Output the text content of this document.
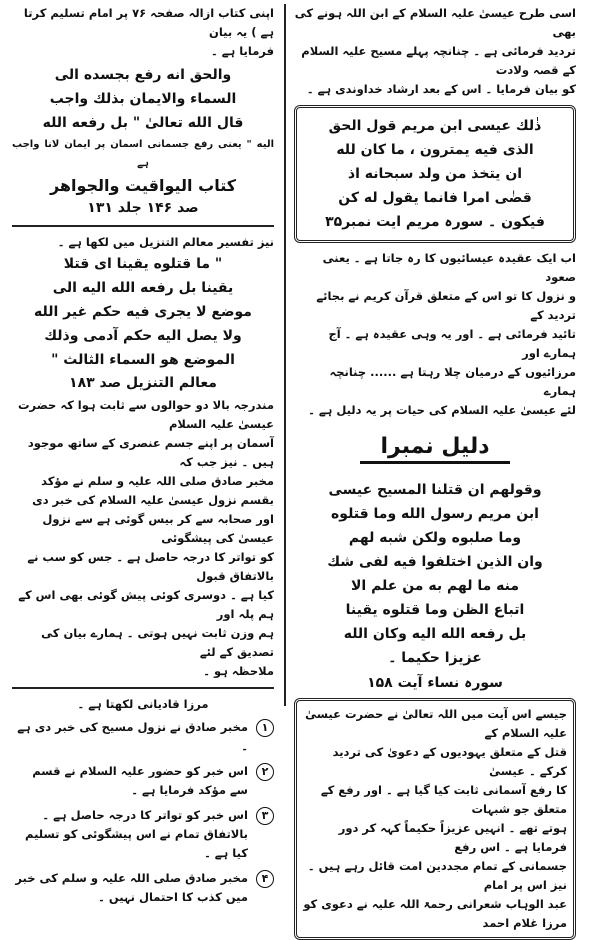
اسی طرح عیسیٰ علیہ السلام کے ابن اللہ ہونے کی بھی
تردید فرمائی ہے ۔ چنانچہ پہلے مسیح علیہ السلام کے قصہ ولادت
کو بیان فرمایا ۔ اس کے بعد ارشاد خداوندی ہے ۔
ذٰلك عيسى ابن مريم قول الحق
الذی فيه يمترون ، ما كان لله
ان يتخذ من ولد سبحانه اذ
قضٰی امرا فانما يقول له كن
فيكون ۔ سورہ مریم ایت نمبر۳۵
اب ایک عقیدہ عیسائیوں کا رہ جاتا ہے ۔ یعنی صعود
و نزول کا تو اس کے متعلق قرآن کریم نے بجائے تردید کے
تائید فرمائی ہے ۔ اور یہ وہی عقیدہ ہے ۔ آج ہمارے اور
مرزائیوں کے درمیان چلا رہتا ہے ...... چنانچہ ہمارے
لئے عیسیٰ علیہ السلام کی حیات پر یہ دلیل ہے ۔
دلیل نمبرا
وقولهم ان قتلنا المسيح عيسى
ابن مريم رسول الله وما قتلوه
وما صلبوه ولكن شبه لهم
وان الذين اختلفوا فيه لفی شك
منه ما لهم به من علم الا
اتباع الظن وما قتلوه يقينا
بل رفعه الله اليه وكان الله
عزيزا حكيما ۔
سورہ نساء آیت ۱۵۸
جیسے اس آیت میں اللہ تعالیٰ نے حضرت عیسیٰ علیہ السلام کے
قتل کے متعلق یہودیوں کے دعویٰ کی تردید کرکے ۔ عیسیٰ
کا رفع آسمانی ثابت کیا گیا ہے ۔ اور رفع کے متعلق جو شبہات
ہوتے تھے ۔ انہیں عزیزاً حکیماً کہہ کر دور فرمایا ہے ۔ اس رفع
جسمانی کے تمام مجددین امت قائل رہے ہیں ۔ نیز اس پر امام
عبد الوہاب شعرانی رحمۃ اللہ علیہ نے دعوی کو مرزا غلام احمد
اپنی کتاب ازالہ صفحہ ۷۶ پر امام تسلیم کرتا ہے ) یہ بیان
فرمایا ہے ۔
والحق انه رفع بجسده الى
السماء والايمان بذلك واجب
قال الله تعالىٰ " بل رفعه الله
اليه " یعنی رفع جسمانی اسمان پر ایمان لانا واجب ہے
كتاب اليواقيت والجواهر
صد ۱۴۶ جلد ۱۳۱
نیز تفسیر معالم التنزیل میں لکھا ہے ۔
" ما قتلوه يقينا اى قتلا
يقينا بل رفعه الله اليه الى
موضع لا يجرى فيه حكم غير الله
ولا يصل اليه حكم آدمی وذلك
الموضع هو السماء الثالث "
معالم التنزيل صد ۱۸۳
مندرجہ بالا دو حوالوں سے ثابت ہوا کہ حضرت عیسیٰ علیہ السلام
آسمان پر اپنے جسم عنصری کے ساتھ موجود ہیں ۔ نیز جب کہ
مخبر صادق صلی اللہ علیہ و سلم نے مؤکد
بقسم نزول عیسیٰ علیہ السلام کی خبر دی
اور صحابہ سے کر بیس گوئی ہے سے نزول عیسیٰ کی پیشگوئی
کو تواتر کا درجہ حاصل ہے ۔ جس کو سب نے بالاتفاق قبول
کیا ہے ۔ دوسری کوئی پیش گوئی بھی اس کے ہم پلہ اور
ہم وزن ثابت نہیں ہوتی ۔ ہمارے بیان کی تصدیق کے لئے
ملاحظہ ہو ۔
مرزا قادیانی لکھتا ہے ۔
۱
مخبر صادق نے نزول مسیح کی خبر دی ہے ۔
۲
اس خبر کو حضور علیہ السلام نے قسم سے مؤکد فرمایا ہے ۔
۳
اس خبر کو تواتر کا درجہ حاصل ہے ۔ بالاتفاق تمام نے اس پیشگوئی کو تسلیم کیا ہے ۔
۴
مخبر صادق صلی اللہ علیہ و سلم کی خبر میں کذب کا احتمال نہیں ۔
